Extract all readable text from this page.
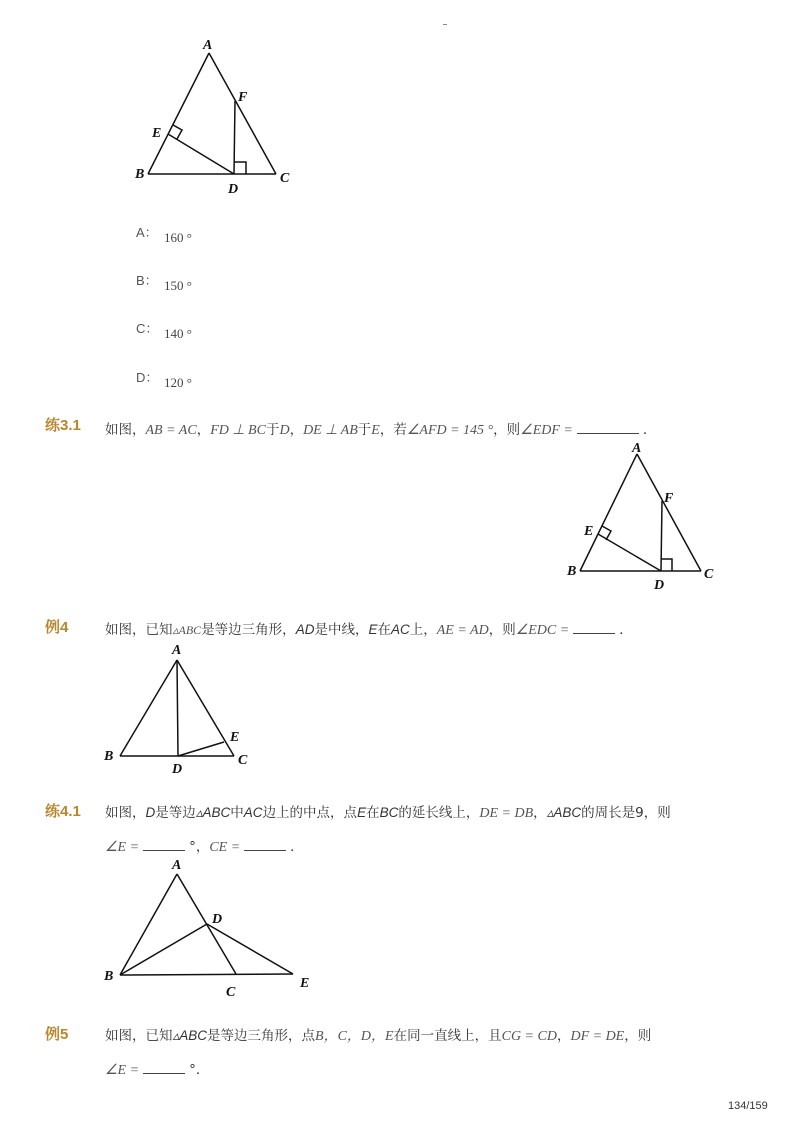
A
F
E
B	C
D
A： 160 °
B： 150 °
C： 140 °
D： 120 °
练3.1 如图，AB = AC，FD ⊥ BC于D，DE ⊥ AB于E，若∠AFD = 145 °，则∠EDF =	．
A
F
E
B	C
D
例4	如图，已知▵ABC是等边三角形，AD是中线，E在AC上，AE = AD，则∠EDC =	．
A
E
B	C
D
练4.1 如图，D是等边▵ABC中AC边上的中点，点E在BC的延长线上，DE = DB，▵ABC的周长是9，则
∠E =	°，CE =	．
A
D
B	E
C
例5	如图，已知▵ABC是等边三角形，点B，C，D，E在同一直线上，且CG = CD，DF = DE，则
∠E =	°．
134/159
